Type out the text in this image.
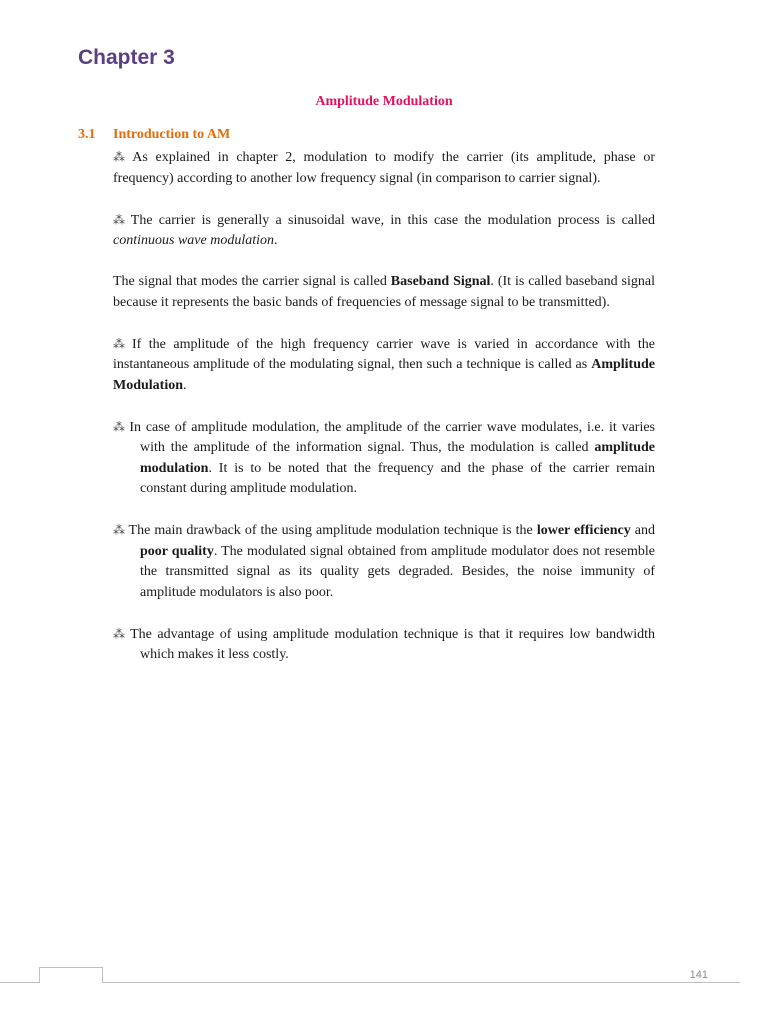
Chapter 3
Amplitude Modulation
3.1 Introduction to AM

⁂ As explained in chapter 2, modulation to modify the carrier (its amplitude, phase or frequency) according to another low frequency signal (in comparison to carrier signal).

⁂ The carrier is generally a sinusoidal wave, in this case the modulation process is called continuous wave modulation.

The signal that modes the carrier signal is called Baseband Signal. (It is called baseband signal because it represents the basic bands of frequencies of message signal to be transmitted).

⁂ If the amplitude of the high frequency carrier wave is varied in accordance with the instantaneous amplitude of the modulating signal, then such a technique is called as Amplitude Modulation.

⁂ In case of amplitude modulation, the amplitude of the carrier wave modulates, i.e. it varies with the amplitude of the information signal. Thus, the modulation is called amplitude modulation. It is to be noted that the frequency and the phase of the carrier remain constant during amplitude modulation.

⁂ The main drawback of the using amplitude modulation technique is the lower efficiency and poor quality. The modulated signal obtained from amplitude modulator does not resemble the transmitted signal as its quality gets degraded. Besides, the noise immunity of amplitude modulators is also poor.

⁂ The advantage of using amplitude modulation technique is that it requires low bandwidth which makes it less costly.

141
